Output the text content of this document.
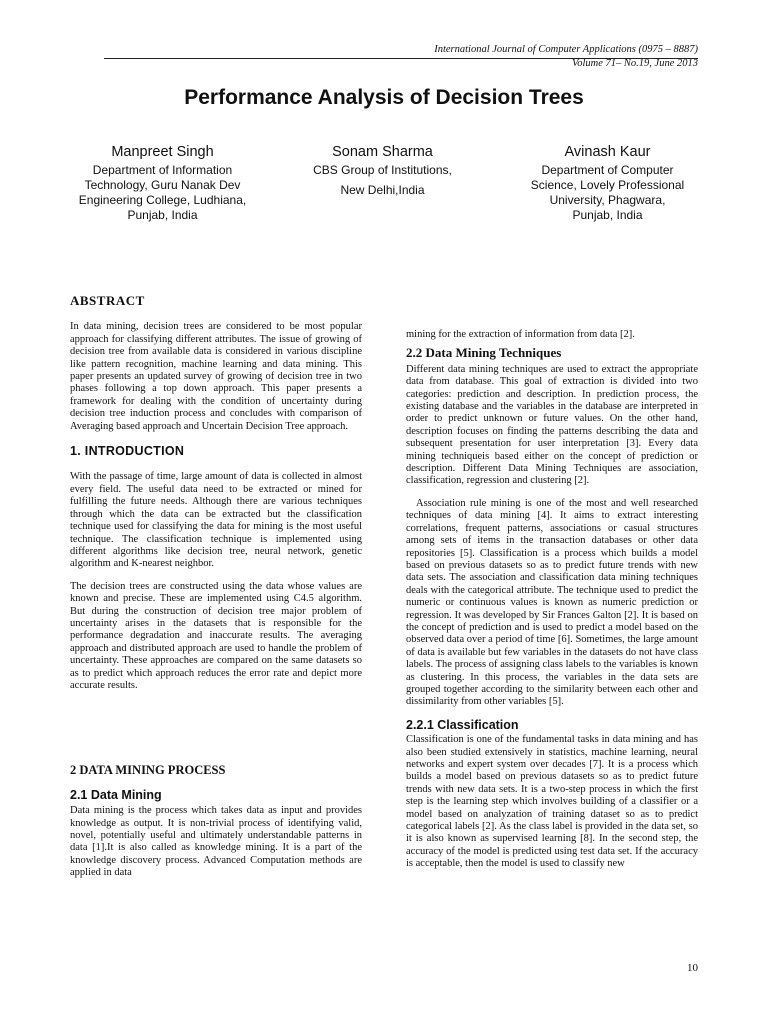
International Journal of Computer Applications (0975 – 8887)
Volume 71– No.19, June 2013
Performance Analysis of Decision Trees
Manpreet Singh
Department of Information
Technology, Guru Nanak Dev
Engineering College, Ludhiana,
Punjab, India
Sonam Sharma
CBS Group of Institutions,
New Delhi,India
Avinash Kaur
Department of Computer
Science, Lovely Professional
University, Phagwara,
Punjab, India
ABSTRACT

In data mining, decision trees are considered to be most popular approach for classifying different attributes. The issue of growing of decision tree from available data is considered in various discipline like pattern recognition, machine learning and data mining. This paper presents an updated survey of growing of decision tree in two phases following a top down approach. This paper presents a framework for dealing with the condition of uncertainty during decision tree induction process and concludes with comparison of Averaging based approach and Uncertain Decision Tree approach.

1. INTRODUCTION

With the passage of time, large amount of data is collected in almost every field. The useful data need to be extracted or mined for fulfilling the future needs. Although there are various techniques through which the data can be extracted but the classification technique used for classifying the data for mining is the most useful technique. The classification technique is implemented using different algorithms like decision tree, neural network, genetic algorithm and K-nearest neighbor.

The decision trees are constructed using the data whose values are known and precise. These are implemented using C4.5 algorithm. But during the construction of decision tree major problem of uncertainty arises in the datasets that is responsible for the performance degradation and inaccurate results. The averaging approach and distributed approach are used to handle the problem of uncertainty. These approaches are compared on the same datasets so as to predict which approach reduces the error rate and depict more accurate results.

2 DATA MINING PROCESS
2.1 Data Mining

Data mining is the process which takes data as input and provides knowledge as output. It is non-trivial process of identifying valid, novel, potentially useful and ultimately understandable patterns in data [1].It is also called as knowledge mining. It is a part of the knowledge discovery process. Advanced Computation methods are applied in data

mining for the extraction of information from data [2].

2.2 Data Mining Techniques

Different data mining techniques are used to extract the appropriate data from database. This goal of extraction is divided into two categories: prediction and description. In prediction process, the existing database and the variables in the database are interpreted in order to predict unknown or future values. On the other hand, description focuses on finding the patterns describing the data and subsequent presentation for user interpretation [3]. Every data mining techniqueis based either on the concept of prediction or description. Different Data Mining Techniques are association, classification, regression and clustering [2].

Association rule mining is one of the most and well researched techniques of data mining [4]. It aims to extract interesting correlations, frequent patterns, associations or casual structures among sets of items in the transaction databases or other data repositories [5]. Classification is a process which builds a model based on previous datasets so as to predict future trends with new data sets. The association and classification data mining techniques deals with the categorical attribute. The technique used to predict the numeric or continuous values is known as numeric prediction or regression. It was developed by Sir Frances Galton [2]. It is based on the concept of prediction and is used to predict a model based on the observed data over a period of time [6]. Sometimes, the large amount of data is available but few variables in the datasets do not have class labels. The process of assigning class labels to the variables is known as clustering. In this process, the variables in the data sets are grouped together according to the similarity between each other and dissimilarity from other variables [5].

2.2.1 Classification

Classification is one of the fundamental tasks in data mining and has also been studied extensively in statistics, machine learning, neural networks and expert system over decades [7]. It is a process which builds a model based on previous datasets so as to predict future trends with new data sets. It is a two-step process in which the first step is the learning step which involves building of a classifier or a model based on analyzation of training dataset so as to predict categorical labels [2]. As the class label is provided in the data set, so it is also known as supervised learning [8]. In the second step, the accuracy of the model is predicted using test data set. If the accuracy is acceptable, then the model is used to classify new

10
